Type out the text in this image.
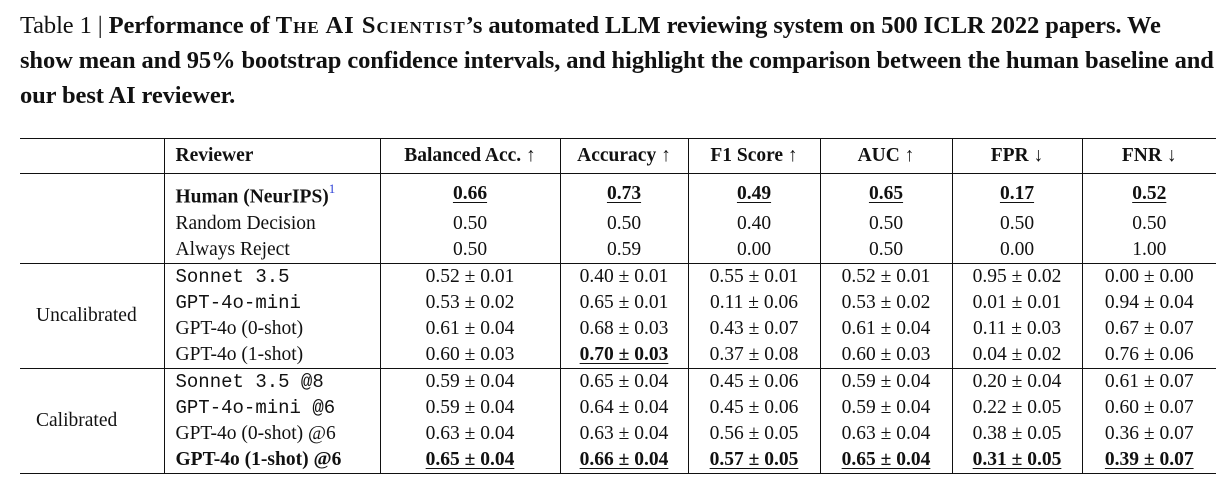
Table 1 | Performance of The AI Scientist’s automated LLM reviewing system on 500 ICLR 2022 papers. We show mean and 95% bootstrap confidence intervals, and highlight the comparison between the human baseline and our best AI reviewer.
	Reviewer	Balanced Acc. ↑	Accuracy ↑	F1 Score ↑	AUC ↑	FPR ↓	FNR ↓
	Human (NeurIPS)$^1$	0.66	0.73	0.49	0.65	0.17	0.52
	Random Decision	0.50	0.50	0.40	0.50	0.50	0.50
	Always Reject	0.50	0.59	0.00	0.50	0.00	1.00
Uncalibrated	Sonnet 3.5	0.52 ± 0.01	0.40 ± 0.01	0.55 ± 0.01	0.52 ± 0.01	0.95 ± 0.02	0.00 ± 0.00
	GPT-4o-mini	0.53 ± 0.02	0.65 ± 0.01	0.11 ± 0.06	0.53 ± 0.02	0.01 ± 0.01	0.94 ± 0.04
	GPT-4o (0-shot)	0.61 ± 0.04	0.68 ± 0.03	0.43 ± 0.07	0.61 ± 0.04	0.11 ± 0.03	0.67 ± 0.07
	GPT-4o (1-shot)	0.60 ± 0.03	0.70 ± 0.03	0.37 ± 0.08	0.60 ± 0.03	0.04 ± 0.02	0.76 ± 0.06
Calibrated	Sonnet 3.5 @8	0.59 ± 0.04	0.65 ± 0.04	0.45 ± 0.06	0.59 ± 0.04	0.20 ± 0.04	0.61 ± 0.07
	GPT-4o-mini @6	0.59 ± 0.04	0.64 ± 0.04	0.45 ± 0.06	0.59 ± 0.04	0.22 ± 0.05	0.60 ± 0.07
	GPT-4o (0-shot) @6	0.63 ± 0.04	0.63 ± 0.04	0.56 ± 0.05	0.63 ± 0.04	0.38 ± 0.05	0.36 ± 0.07
	GPT-4o (1-shot) @6	0.65 ± 0.04	0.66 ± 0.04	0.57 ± 0.05	0.65 ± 0.04	0.31 ± 0.05	0.39 ± 0.07
